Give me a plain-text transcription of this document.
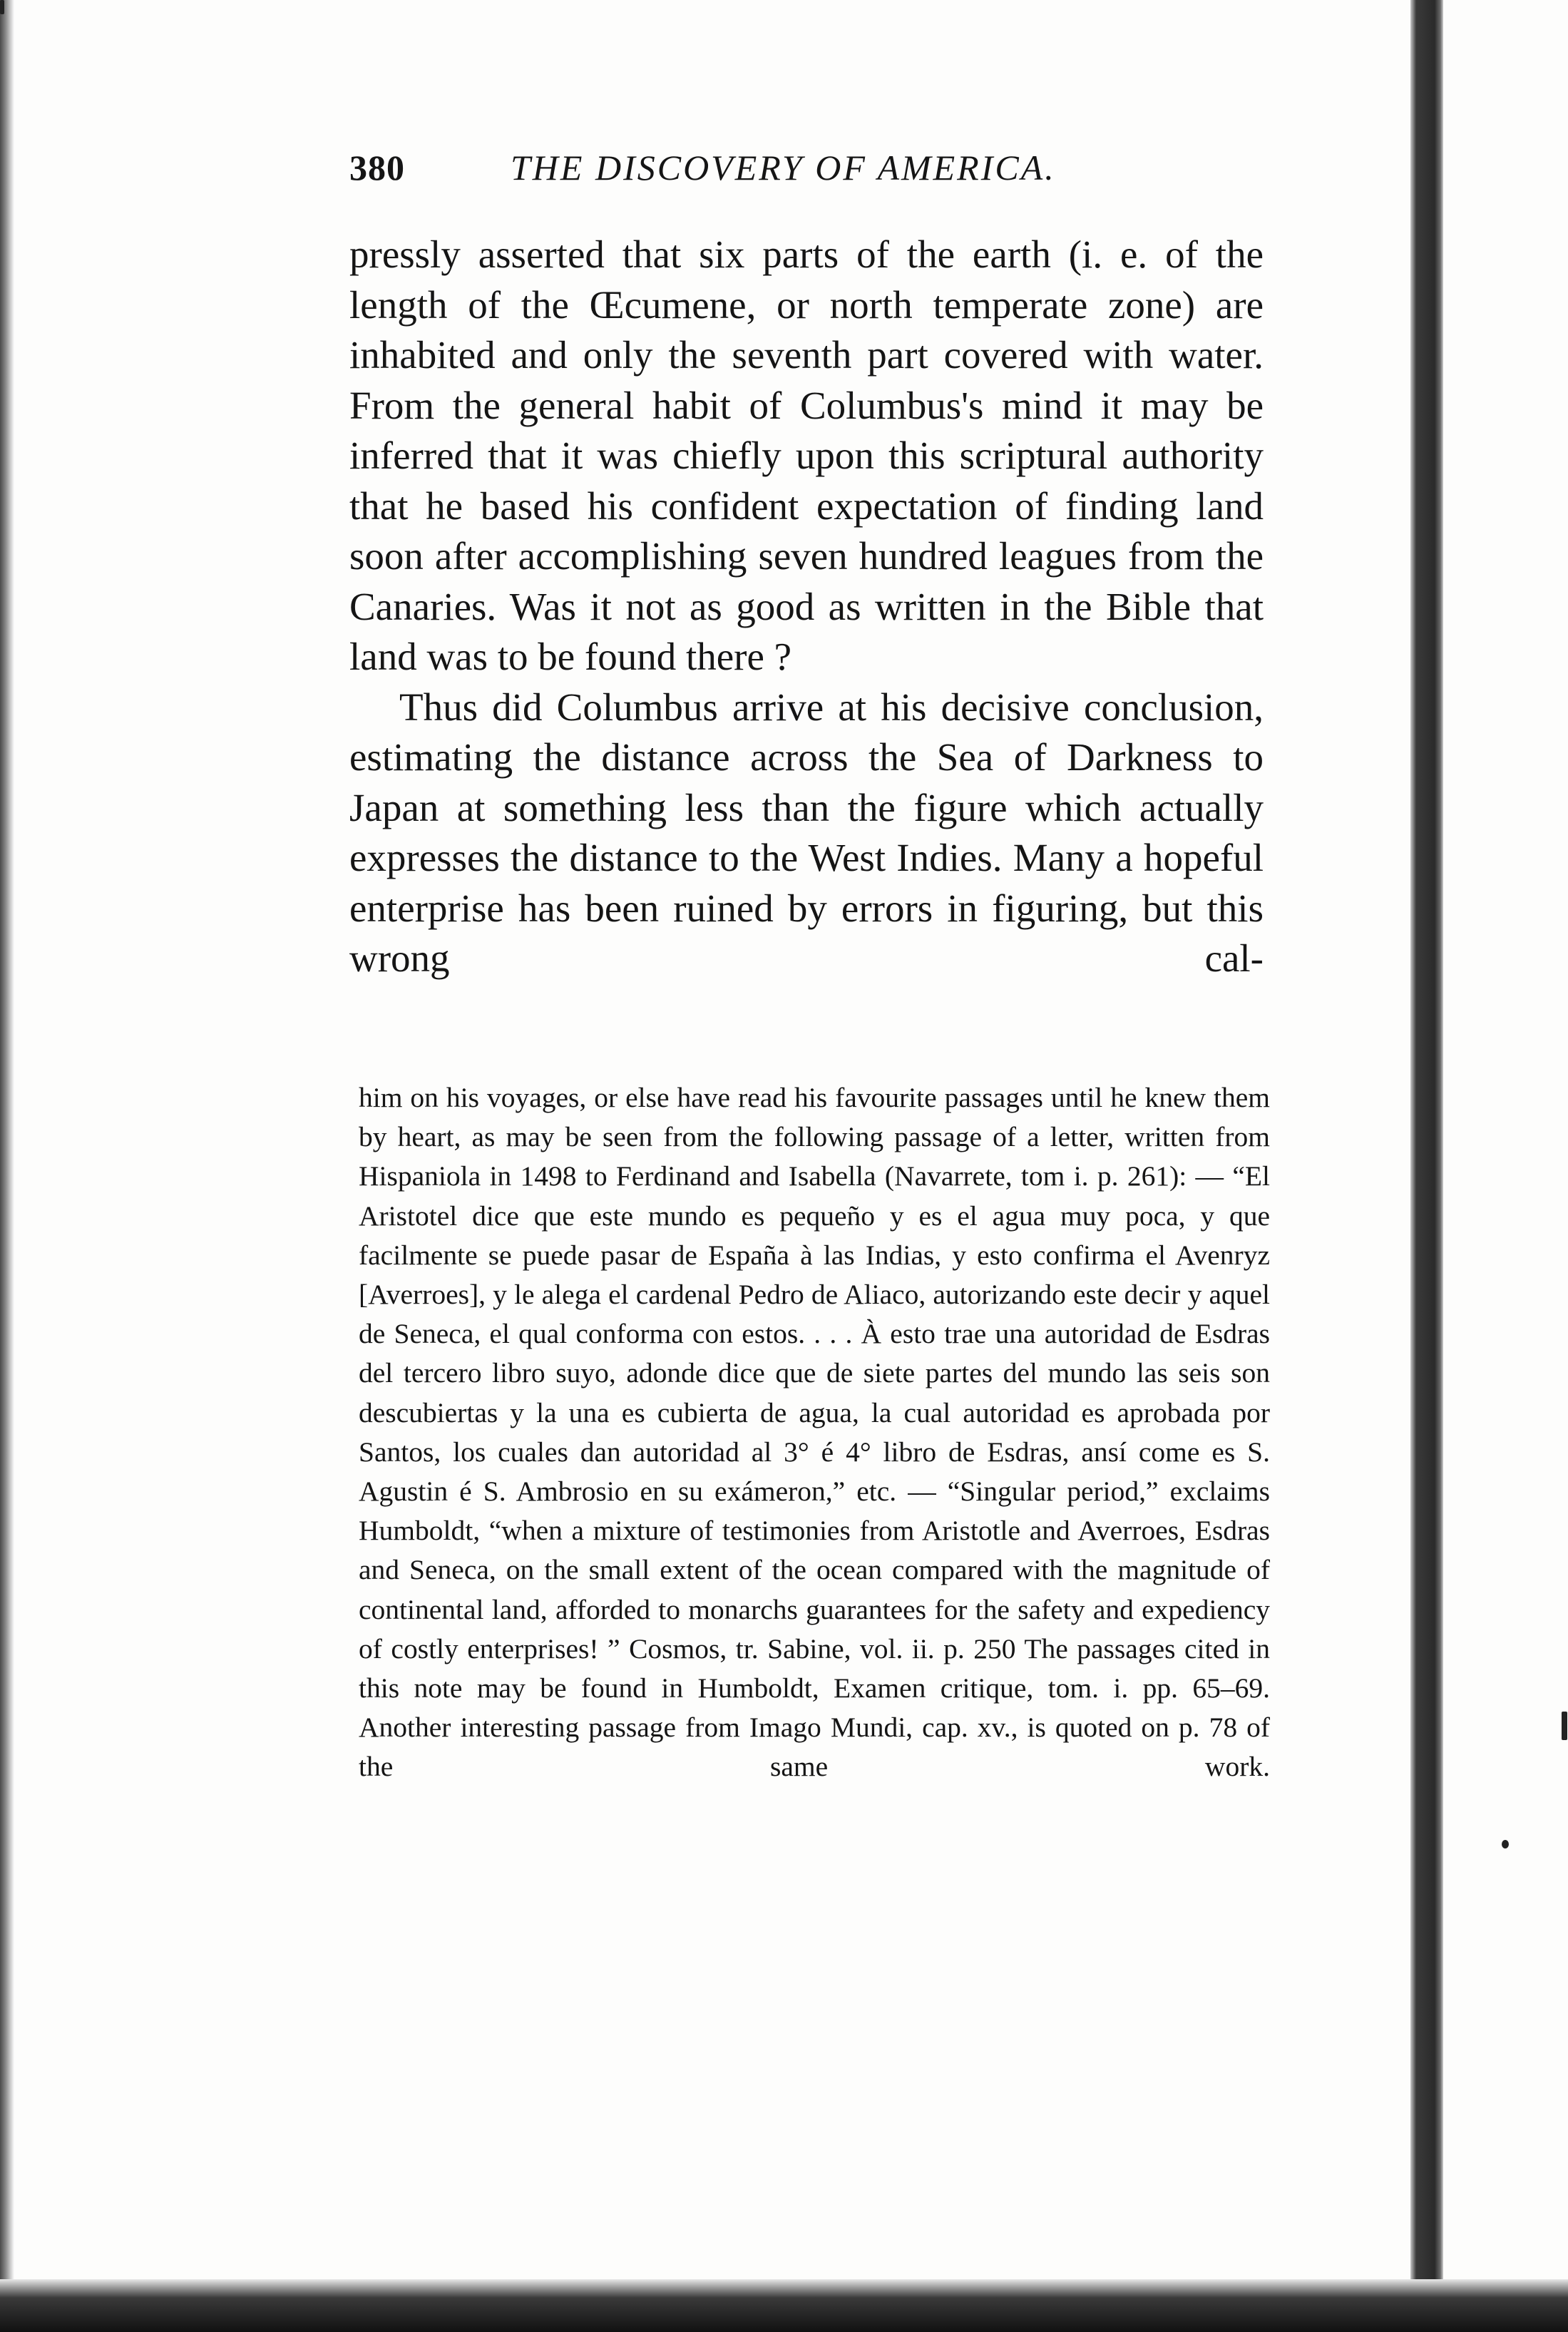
380	THE DISCOVERY OF AMERICA.

pressly asserted that six parts of the earth (i. e. of the length of the Œcumene, or north temperate zone) are inhabited and only the seventh part covered with water. From the general habit of Columbus's mind it may be inferred that it was chiefly upon this scriptural authority that he based his confident expectation of finding land soon after accomplishing seven hundred leagues from the Canaries. Was it not as good as written in the Bible that land was to be found there ?

Thus did Columbus arrive at his decisive conclusion, estimating the distance across the Sea of Darkness to Japan at something less than the figure which actually expresses the distance to the West Indies. Many a hopeful enterprise has been ruined by errors in figuring, but this wrong cal-

him on his voyages, or else have read his favourite passages until he knew them by heart, as may be seen from the following passage of a letter, written from Hispaniola in 1498 to Ferdinand and Isabella (Navarrete, tom i. p. 261): — “El Aristotel dice que este mundo es pequeño y es el agua muy poca, y que facilmente se puede pasar de España à las Indias, y esto confirma el Avenryz [Averroes], y le alega el cardenal Pedro de Aliaco, autorizando este decir y aquel de Seneca, el qual conforma con estos. . . . À esto trae una autoridad de Esdras del tercero libro suyo, adonde dice que de siete partes del mundo las seis son descubiertas y la una es cubierta de agua, la cual autoridad es aprobada por Santos, los cuales dan autoridad al 3° é 4° libro de Esdras, ansí come es S. Agustin é S. Ambrosio en su exámeron,” etc. — “Singular period,” exclaims Humboldt, “when a mixture of testimonies from Aristotle and Averroes, Esdras and Seneca, on the small extent of the ocean compared with the magnitude of continental land, afforded to monarchs guarantees for the safety and expediency of costly enterprises! ” Cosmos, tr. Sabine, vol. ii. p. 250 The passages cited in this note may be found in Humboldt, Examen critique, tom. i. pp. 65–69. Another interesting passage from Imago Mundi, cap. xv., is quoted on p. 78 of the same work.
